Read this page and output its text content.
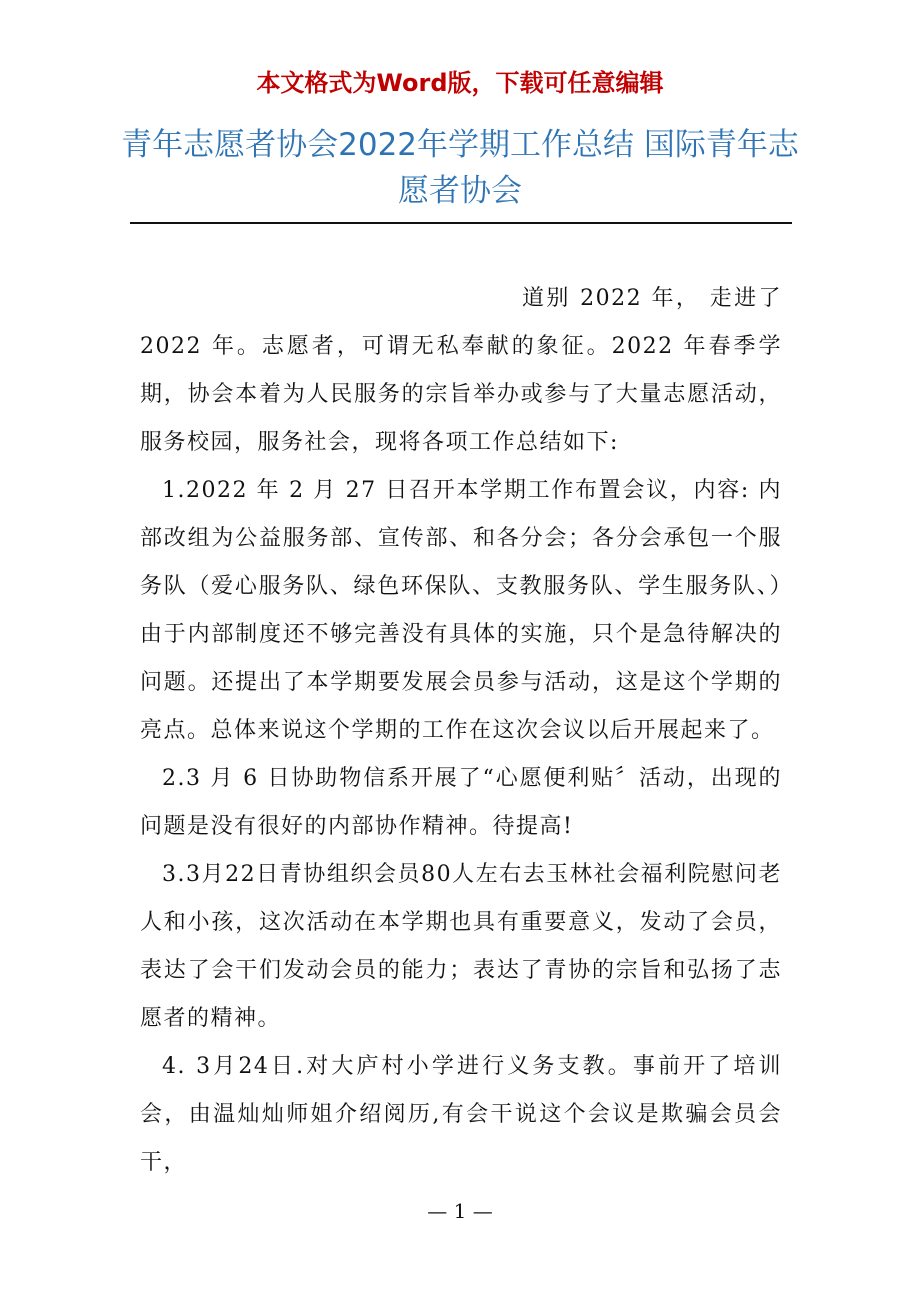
本文格式为Word版，下载可任意编辑
青年志愿者协会2022年学期工作总结 国际青年志愿者协会

道别 2022 年， 走进了 2022 年。志愿者，可谓无私奉献的象征。2022 年春季学期，协会本着为人民服务的宗旨举办或参与了大量志愿活动，服务校园，服务社会，现将各项工作总结如下:

1.2022 年 2 月 27 日召开本学期工作布置会议，内容: 内部改组为公益服务部、宣传部、和各分会；各分会承包一个服务队（爱心服务队、绿色环保队、支教服务队、学生服务队、）由于内部制度还不够完善没有具体的实施，只个是急待解决的问题。还提出了本学期要发展会员参与活动，这是这个学期的亮点。总体来说这个学期的工作在这次会议以后开展起来了。

2.3 月 6 日协助物信系开展了“心愿便利贴〞活动，出现的问题是没有很好的内部协作精神。待提高!

3.3月22日青协组织会员80人左右去玉林社会福利院慰问老人和小孩，这次活动在本学期也具有重要意义，发动了会员，表达了会干们发动会员的能力；表达了青协的宗旨和弘扬了志愿者的精神。

4. 3月24日.对大庐村小学进行义务支教。事前开了培训会，由温灿灿师姐介绍阅历,有会干说这个会议是欺骗会员会干，

— 1 —
